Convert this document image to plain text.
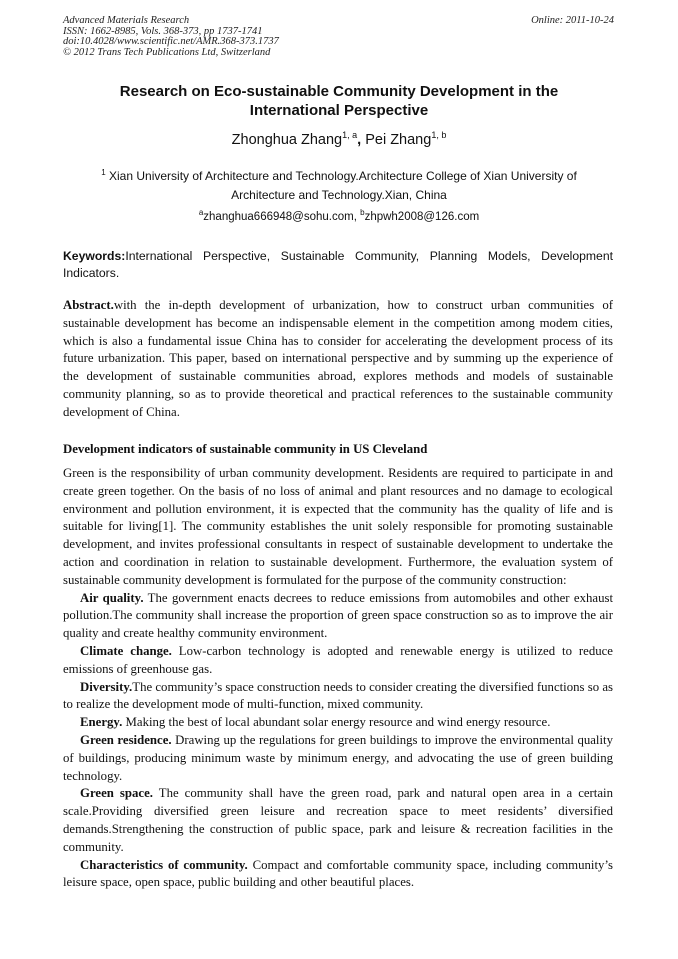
Advanced Materials Research
ISSN: 1662-8985, Vols. 368-373, pp 1737-1741
doi:10.4028/www.scientific.net/AMR.368-373.1737
© 2012 Trans Tech Publications Ltd, Switzerland
Online: 2011-10-24
Research on Eco-sustainable Community Development in the
International Perspective
Zhonghua Zhang$^{1, a}$, Pei Zhang$^{1, b}$
$^1$ Xian University of Architecture and Technology.Architecture College of Xian University of Architecture and Technology.Xian, China
$^a$zhanghua666948@sohu.com, $^b$zhpwh2008@126.com
Keywords:International Perspective, Sustainable Community, Planning Models, Development Indicators.
Abstract.with the in-depth development of urbanization, how to construct urban communities of sustainable development has become an indispensable element in the competition among modem cities, which is also a fundamental issue China has to consider for accelerating the development process of its future urbanization. This paper, based on international perspective and by summing up the experience of the development of sustainable communities abroad, explores methods and models of sustainable community planning, so as to provide theoretical and practical references to the sustainable community development of China.
Development indicators of sustainable community in US Cleveland

Green is the responsibility of urban community development. Residents are required to participate in and create green together. On the basis of no loss of animal and plant resources and no damage to ecological environment and pollution environment, it is expected that the community has the quality of life and is suitable for living[1]. The community establishes the unit solely responsible for promoting sustainable development, and invites professional consultants in respect of sustainable development to undertake the action and coordination in relation to sustainable development. Furthermore, the evaluation system of sustainable community development is formulated for the purpose of the community construction:

Air quality. The government enacts decrees to reduce emissions from automobiles and other exhaust pollution.The community shall increase the proportion of green space construction so as to improve the air quality and create healthy community environment.

Climate change. Low-carbon technology is adopted and renewable energy is utilized to reduce emissions of greenhouse gas.

Diversity.The community’s space construction needs to consider creating the diversified functions so as to realize the development mode of multi-function, mixed community.

Energy. Making the best of local abundant solar energy resource and wind energy resource.

Green residence. Drawing up the regulations for green buildings to improve the environmental quality of buildings, producing minimum waste by minimum energy, and advocating the use of green building technology.

Green space. The community shall have the green road, park and natural open area in a certain scale.Providing diversified green leisure and recreation space to meet residents’ diversified demands.Strengthening the construction of public space, park and leisure & recreation facilities in the community.

Characteristics of community. Compact and comfortable community space, including community’s leisure space, open space, public building and other beautiful places.
